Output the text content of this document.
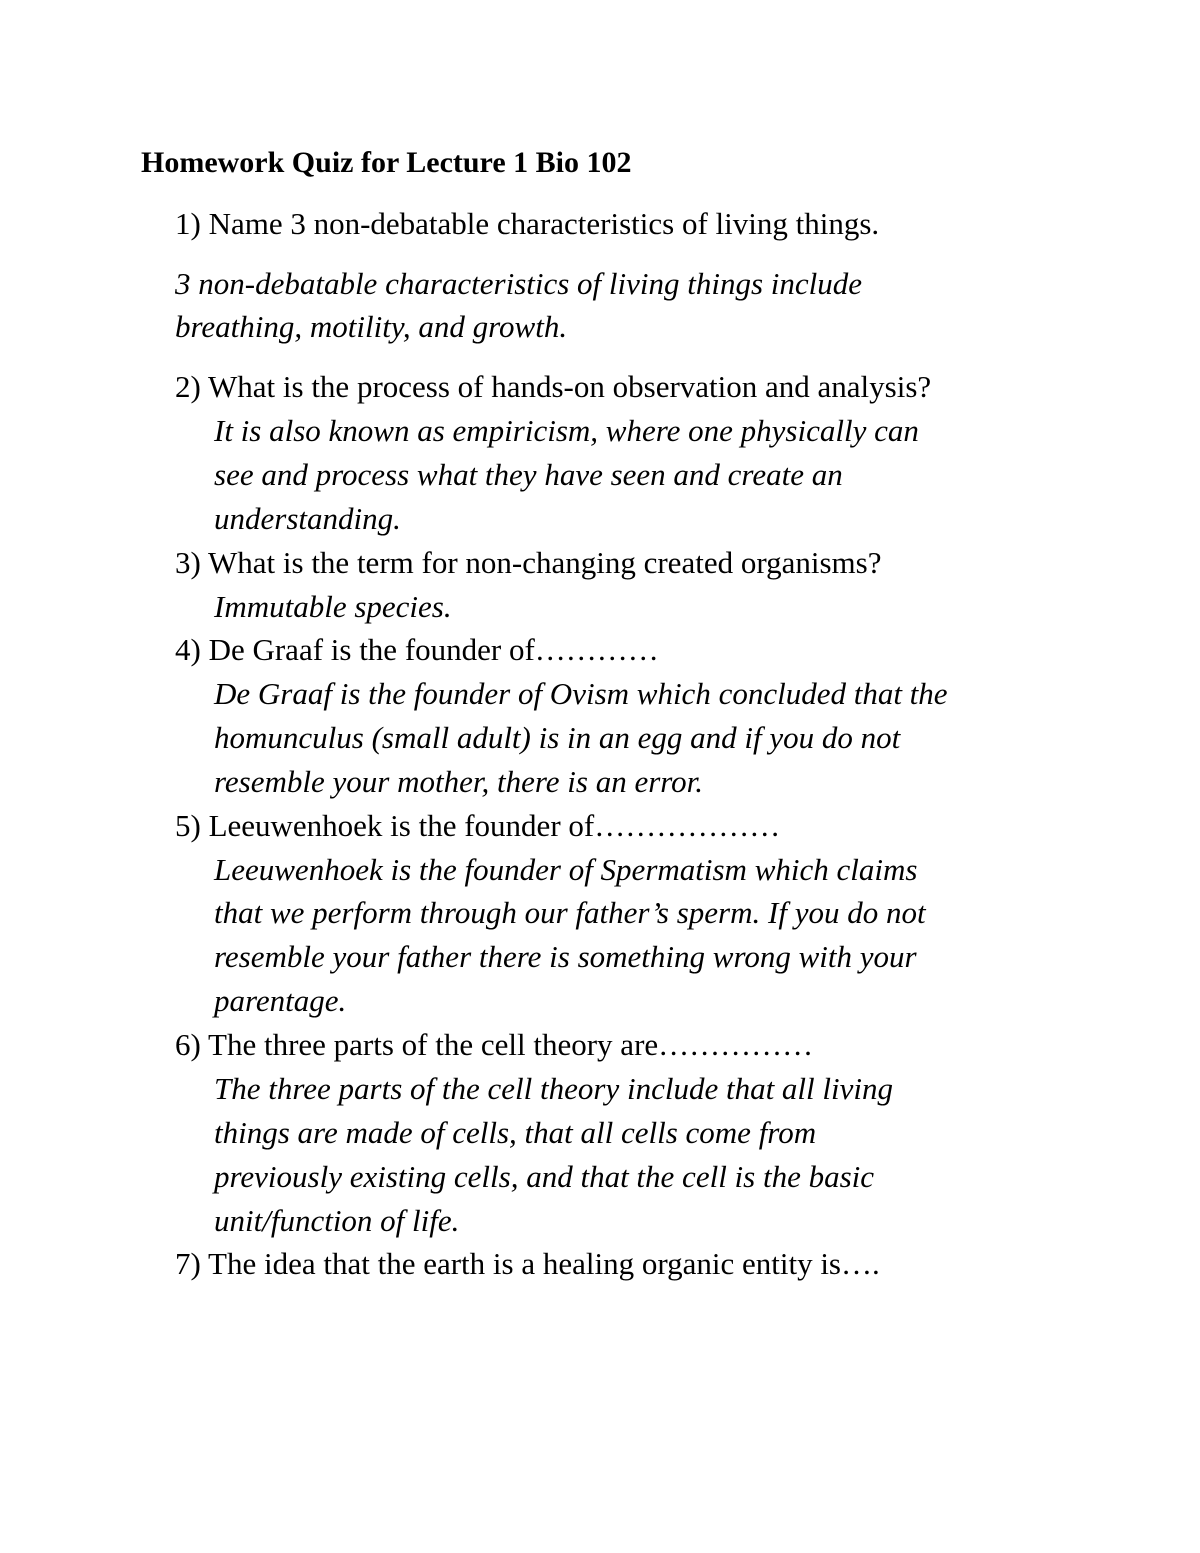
Homework Quiz for Lecture 1 Bio 102
1) Name 3 non-debatable characteristics of living things.
3 non-debatable characteristics of living things include
breathing, motility, and growth.
2) What is the process of hands-on observation and analysis?
It is also known as empiricism, where one physically can
see and process what they have seen and create an
understanding.
3) What is the term for non-changing created organisms?
Immutable species.
4) De Graaf is the founder of…………
De Graaf is the founder of Ovism which concluded that the
homunculus (small adult) is in an egg and if you do not
resemble your mother, there is an error.
5) Leeuwenhoek is the founder of………………
Leeuwenhoek is the founder of Spermatism which claims
that we perform through our father’s sperm. If you do not
resemble your father there is something wrong with your
parentage.
6) The three parts of the cell theory are……………
The three parts of the cell theory include that all living
things are made of cells, that all cells come from
previously existing cells, and that the cell is the basic
unit/function of life.
7) The idea that the earth is a healing organic entity is….
